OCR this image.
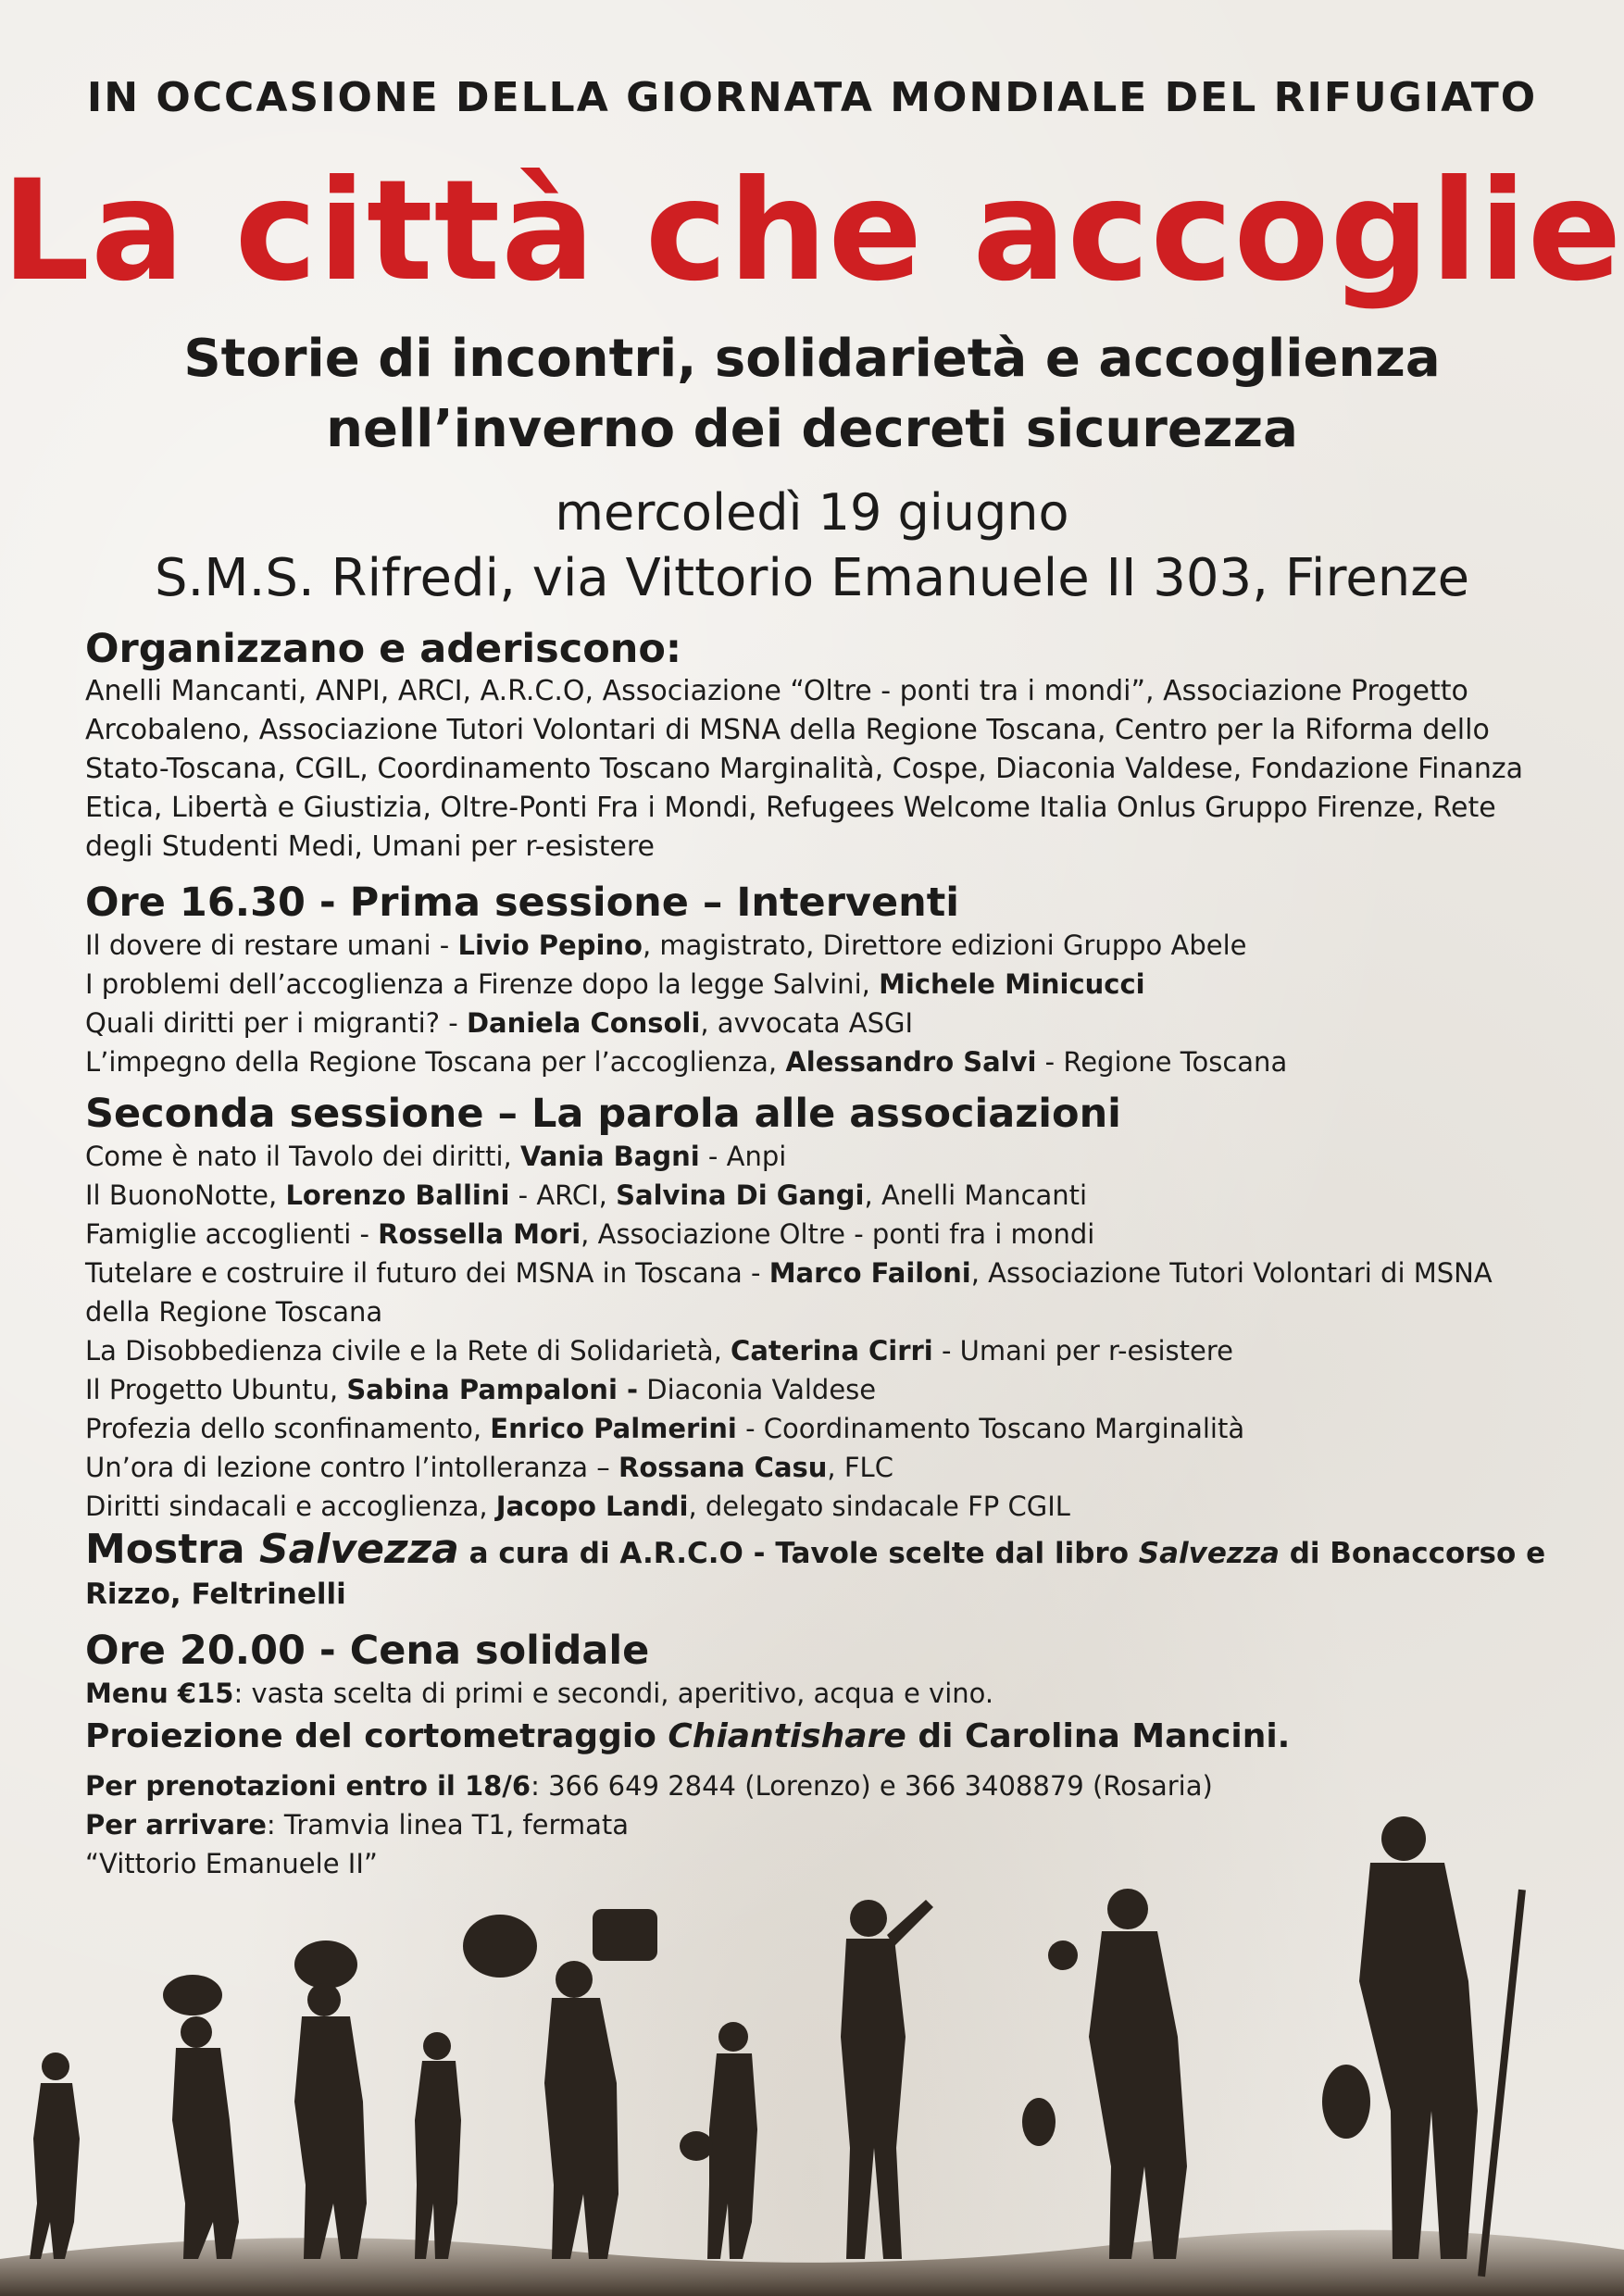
IN OCCASIONE DELLA GIORNATA MONDIALE DEL RIFUGIATO
La città che accoglie
Storie di incontri, solidarietà e accoglienza
nell’inverno dei decreti sicurezza
mercoledì 19 giugno
S.M.S. Rifredi, via Vittorio Emanuele II 303, Firenze

Organizzano e aderiscono:

Anelli Mancanti, ANPI, ARCI, A.R.C.O, Associazione “Oltre - ponti tra i mondi”, Associazione Progetto Arcobaleno, Associazione Tutori Volontari di MSNA della Regione Toscana, Centro per la Riforma dello Stato-Toscana, CGIL, Coordinamento Toscano Marginalità, Cospe, Diaconia Valdese, Fondazione Finanza Etica, Libertà e Giustizia, Oltre-Ponti Fra i Mondi, Refugees Welcome Italia Onlus Gruppo Firenze, Rete degli Studenti Medi, Umani per r-esistere

Ore 16.30 - Prima sessione – Interventi

Il dovere di restare umani - Livio Pepino, magistrato, Direttore edizioni Gruppo Abele
I problemi dell’accoglienza a Firenze dopo la legge Salvini, Michele Minicucci
Quali diritti per i migranti? - Daniela Consoli, avvocata ASGI
L’impegno della Regione Toscana per l’accoglienza, Alessandro Salvi - Regione Toscana

Seconda sessione – La parola alle associazioni

Come è nato il Tavolo dei diritti, Vania Bagni - Anpi
Il BuonoNotte, Lorenzo Ballini - ARCI, Salvina Di Gangi, Anelli Mancanti
Famiglie accoglienti - Rossella Mori, Associazione Oltre - ponti fra i mondi
Tutelare e costruire il futuro dei MSNA in Toscana - Marco Failoni, Associazione Tutori Volontari di MSNA della Regione Toscana
La Disobbedienza civile e la Rete di Solidarietà, Caterina Cirri - Umani per r-esistere
Il Progetto Ubuntu, Sabina Pampaloni - Diaconia Valdese
Profezia dello sconfinamento, Enrico Palmerini - Coordinamento Toscano Marginalità
Un’ora di lezione contro l’intolleranza – Rossana Casu, FLC
Diritti sindacali e accoglienza, Jacopo Landi, delegato sindacale FP CGIL

Mostra Salvezza a cura di A.R.C.O - Tavole scelte dal libro Salvezza di Bonaccorso e Rizzo, Feltrinelli

Ore 20.00 - Cena solidale

Menu €15: vasta scelta di primi e secondi, aperitivo, acqua e vino.

Proiezione del cortometraggio Chiantishare di Carolina Mancini.

Per prenotazioni entro il 18/6: 366 649 2844 (Lorenzo) e 366 3408879 (Rosaria)

Per arrivare: Tramvia linea T1, fermata

“Vittorio Emanuele II”
